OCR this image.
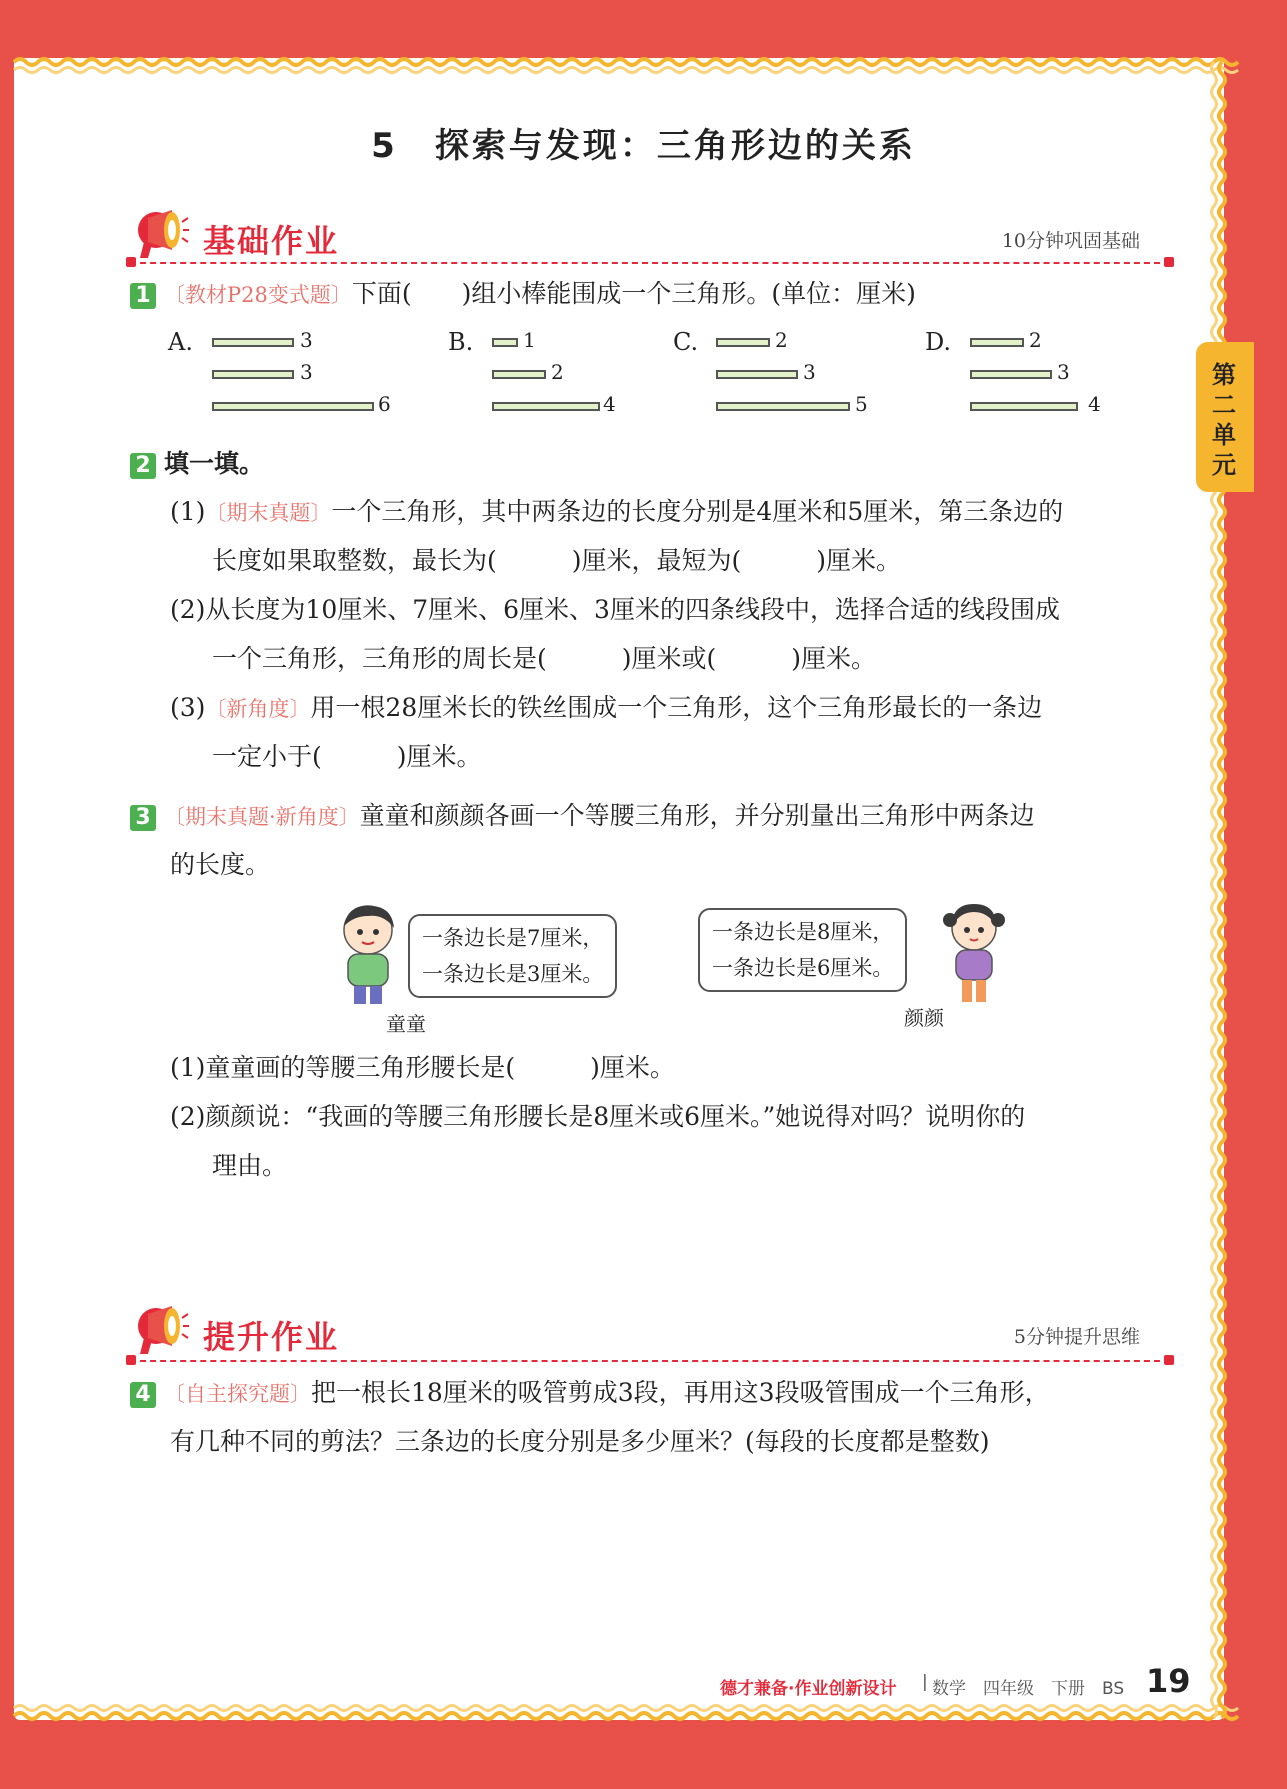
5　探索与发现：三角形边的关系
第二单元
基础作业	10分钟巩固基础
1 〔教材P28变式题〕下面(　　)组小棒能围成一个三角形。(单位：厘米)
A.	3
3
6
B. 1
2
4
C.	2
3
5
D.	2
3
4
2 填一填。
(1)〔期末真题〕一个三角形，其中两条边的长度分别是4厘米和5厘米，第三条边的
长度如果取整数，最长为(　　　)厘米，最短为(　　　)厘米。
(2)从长度为10厘米、7厘米、6厘米、3厘米的四条线段中，选择合适的线段围成
一个三角形，三角形的周长是(　　　)厘米或(　　　)厘米。
(3)〔新角度〕用一根28厘米长的铁丝围成一个三角形，这个三角形最长的一条边
一定小于(　　　)厘米。
3 〔期末真题·新角度〕童童和颜颜各画一个等腰三角形，并分别量出三角形中两条边
的长度。
一条边长是7厘米，
一条边长是3厘米。
童童
一条边长是8厘米，
一条边长是6厘米。
颜颜
(1)童童画的等腰三角形腰长是(　　　)厘米。
(2)颜颜说：“我画的等腰三角形腰长是8厘米或6厘米。”她说得对吗？说明你的
理由。
提升作业	5分钟提升思维
4 〔自主探究题〕把一根长18厘米的吸管剪成3段，再用这3段吸管围成一个三角形，
有几种不同的剪法？三条边的长度分别是多少厘米？(每段的长度都是整数)
德才兼备·作业创新设计 | 数学　四年级　下册　BS 19
